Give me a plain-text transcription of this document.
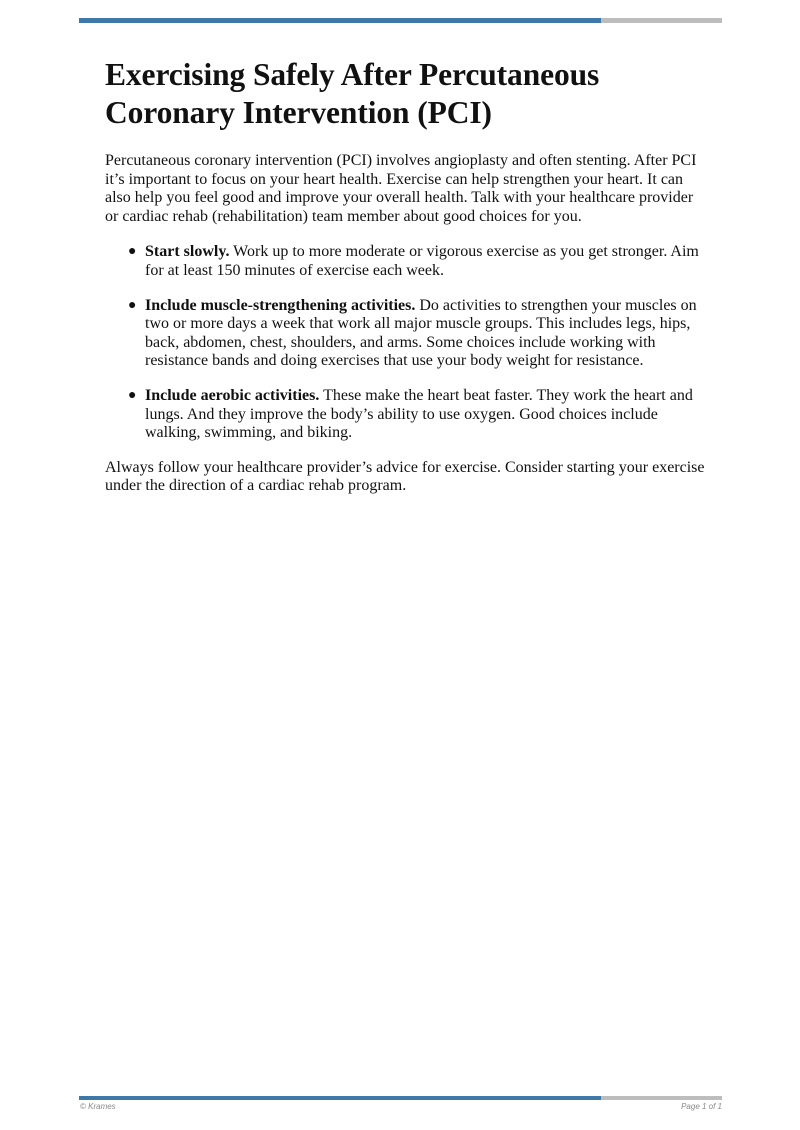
Exercising Safely After Percutaneous
Coronary Intervention (PCI)

Percutaneous coronary intervention (PCI) involves angioplasty and often stenting. After PCI it’s important to focus on your heart health. Exercise can help strengthen your heart. It can also help you feel good and improve your overall health. Talk with your healthcare provider or cardiac rehab (rehabilitation) team member about good choices for you.

● Start slowly. Work up to more moderate or vigorous exercise as you get stronger. Aim for at least 150 minutes of exercise each week.
● Include muscle-strengthening activities. Do activities to strengthen your muscles on two or more days a week that work all major muscle groups. This includes legs, hips, back, abdomen, chest, shoulders, and arms. Some choices include working with resistance bands and doing exercises that use your body weight for resistance.
● Include aerobic activities. These make the heart beat faster. They work the heart and lungs. And they improve the body’s ability to use oxygen. Good choices include walking, swimming, and biking.

Always follow your healthcare provider’s advice for exercise. Consider starting your exercise under the direction of a cardiac rehab program.

© Krames	Page 1 of 1
